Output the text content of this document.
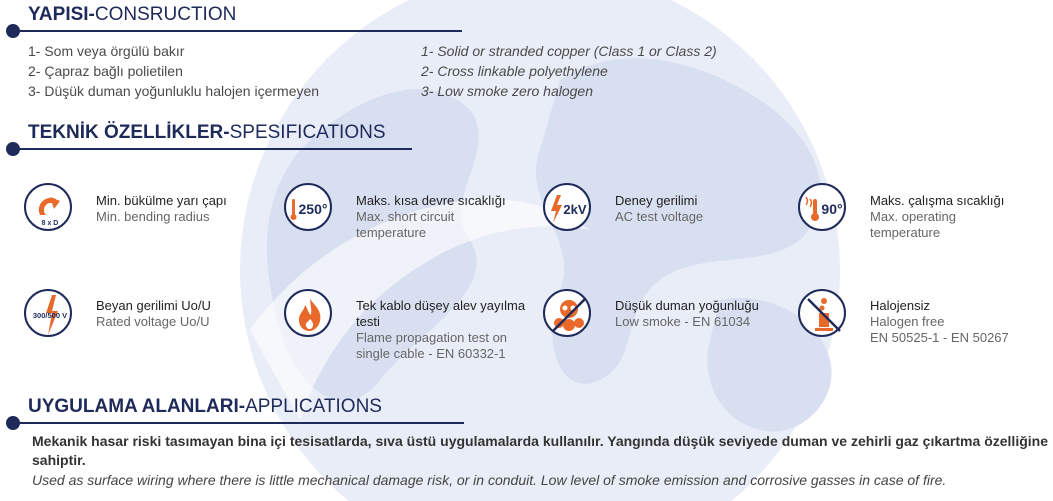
YAPISI-CONSRUCTION
1- Som veya örgülü bakır
2- Çapraz bağlı polietilen
3- Düşük duman yoğunluklu halojen içermeyen
1- Solid or stranded copper (Class 1 or Class 2)
2- Cross linkable polyethylene
3- Low smoke zero halogen
TEKNİK ÖZELLİKLER-SPESIFICATIONS
8 x D
Min. bükülme yarı çapı
Min. bending radius	250°
Maks. kısa devre sıcaklığı
Max. short circuit
temperature
2kV
Deney gerilimi
AC test voltage	90°
Maks. çalışma sıcaklığı
Max. operating
temperature
300/500 V
Beyan gerilimi Uo/U
Rated voltage Uo/U
Tek kablo düşey alev yayılma testi
Flame propagation test on
single cable - EN 60332-1
Düşük duman yoğunluğu
Low smoke - EN 61034
Halojensiz
Halogen free
EN 50525-1 - EN 50267
UYGULAMA ALANLARI-APPLICATIONS
Mekanik hasar riski tasımayan bina içi tesisatlarda, sıva üstü uygulamalarda kullanılır. Yangında düşük seviyede duman ve zehirli gaz çıkartma özelliğine sahiptir.
Used as surface wiring where there is little mechanical damage risk, or in conduit. Low level of smoke emission and corrosive gasses in case of fire.
